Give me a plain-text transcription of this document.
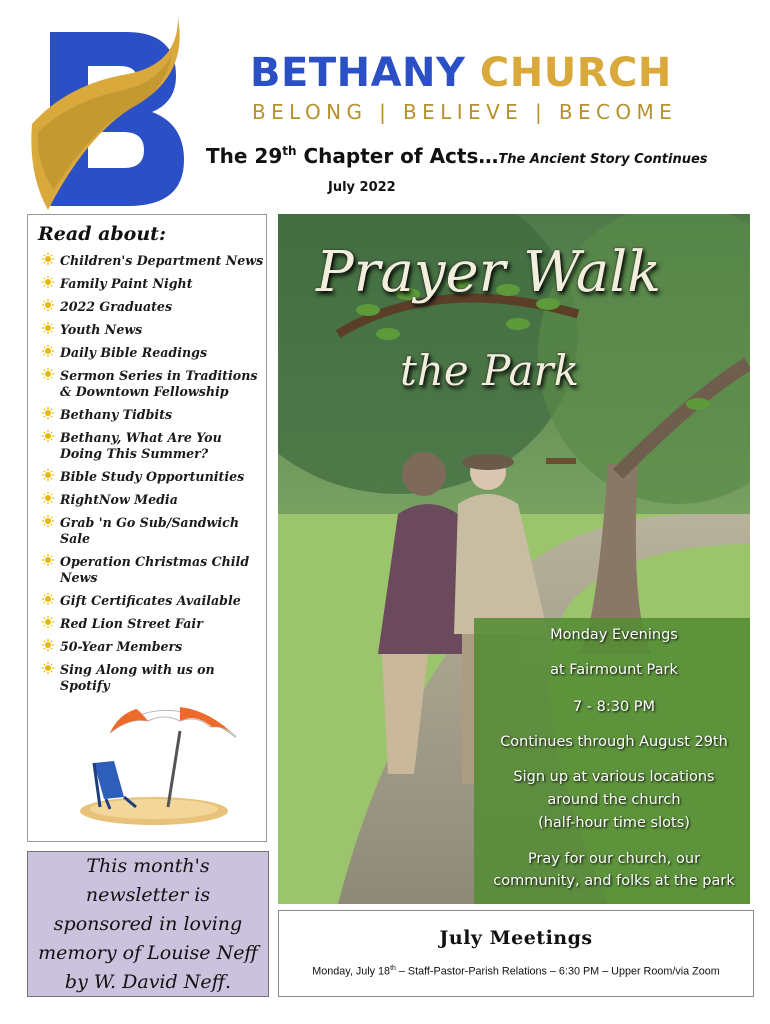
BETHANY CHURCH
BELONG | BELIEVE | BECOME
The 29th Chapter of Acts…The Ancient Story Continues
July 2022
Read about:
Children's Department News
Family Paint Night
2022 Graduates
Youth News
Daily Bible Readings
Sermon Series in Traditions & Downtown Fellowship
Bethany Tidbits
Bethany, What Are You Doing This Summer?
Bible Study Opportunities
RightNow Media
Grab 'n Go Sub/Sandwich Sale
Operation Christmas Child News
Gift Certificates Available
Red Lion Street Fair
50-Year Members
Sing Along with us on Spotify
This month's newsletter is sponsored in loving memory of Louise Neff by W. David Neff.
Prayer Walk
the Park
Monday Evenings
at Fairmount Park
7 - 8:30 PM
Continues through August 29th
Sign up at various locations
around the church
(half-hour time slots)
Pray for our church, our
community, and folks at the park
July Meetings
Monday, July 18th – Staff-Pastor-Parish Relations – 6:30 PM – Upper Room/via Zoom
